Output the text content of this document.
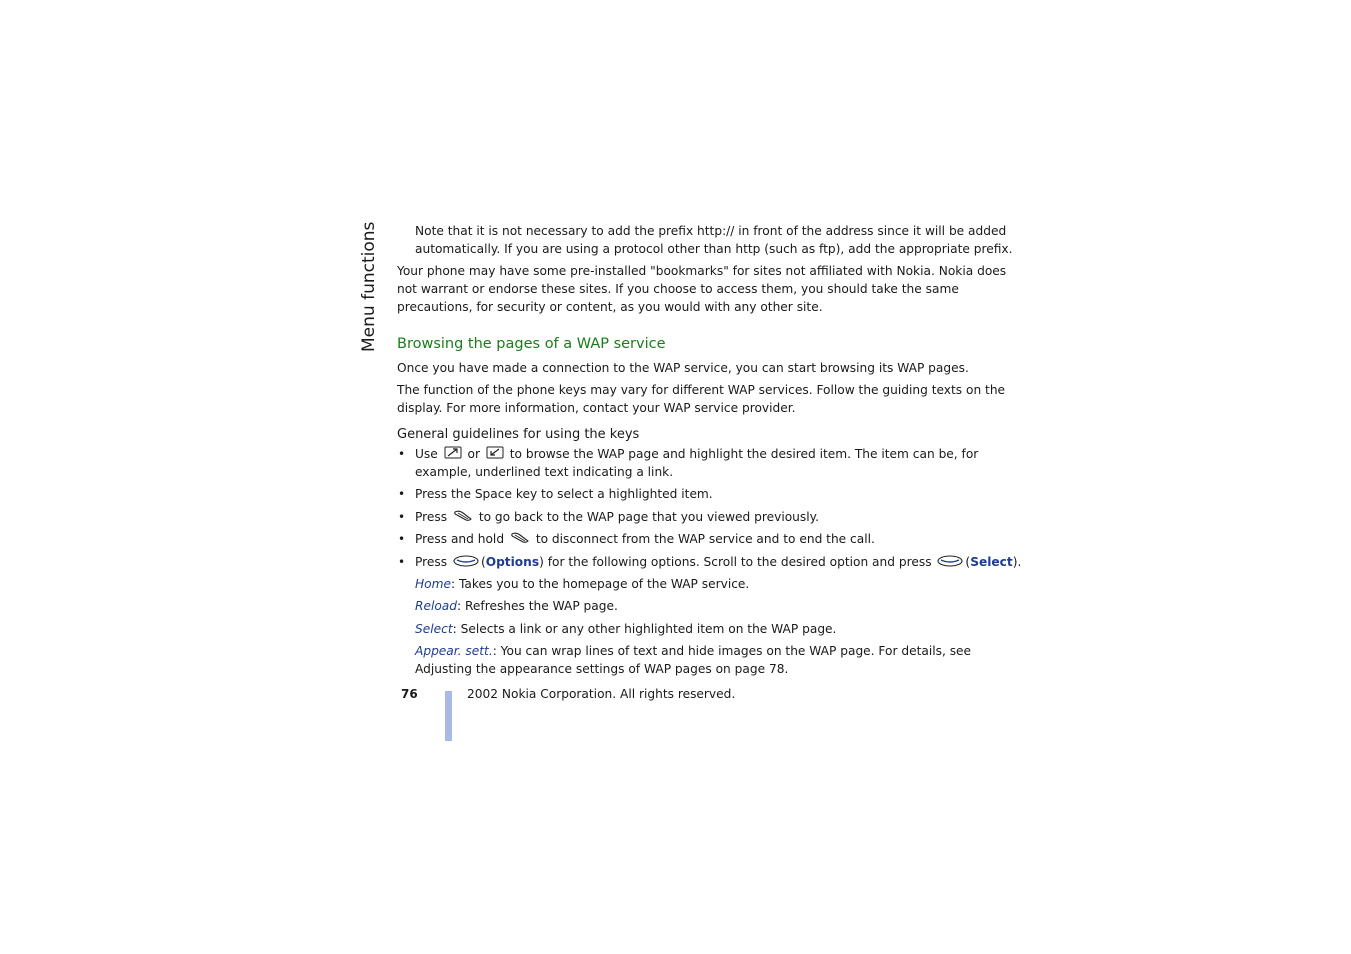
Menu functions	Note that it is not necessary to add the prefix http:// in front of the address since it will be added
automatically. If you are using a protocol other than http (such as ftp), add the appropriate prefix.
Your phone may have some pre-installed "bookmarks" for sites not affiliated with Nokia. Nokia does
not warrant or endorse these sites. If you choose to access them, you should take the same
precautions, for security or content, as you would with any other site.
Browsing the pages of a WAP service
Once you have made a connection to the WAP service, you can start browsing its WAP pages.
The function of the phone keys may vary for different WAP services. Follow the guiding texts on the
display. For more information, contact your WAP service provider.
General guidelines for using the keys
• Use or to browse the WAP page and highlight the desired item. The item can be, for
example, underlined text indicating a link.
• Press the Space key to select a highlighted item.
• Press	to go back to the WAP page that you viewed previously.
• Press and hold	to disconnect from the WAP service and to end the call.
• Press	(Options) for the following options. Scroll to the desired option and press	(Select).
Home: Takes you to the homepage of the WAP service.
Reload: Refreshes the WAP page.
Select: Selects a link or any other highlighted item on the WAP page.
Appear. sett.: You can wrap lines of text and hide images on the WAP page. For details, see
Adjusting the appearance settings of WAP pages on page 78.
76	2002 Nokia Corporation. All rights reserved.
